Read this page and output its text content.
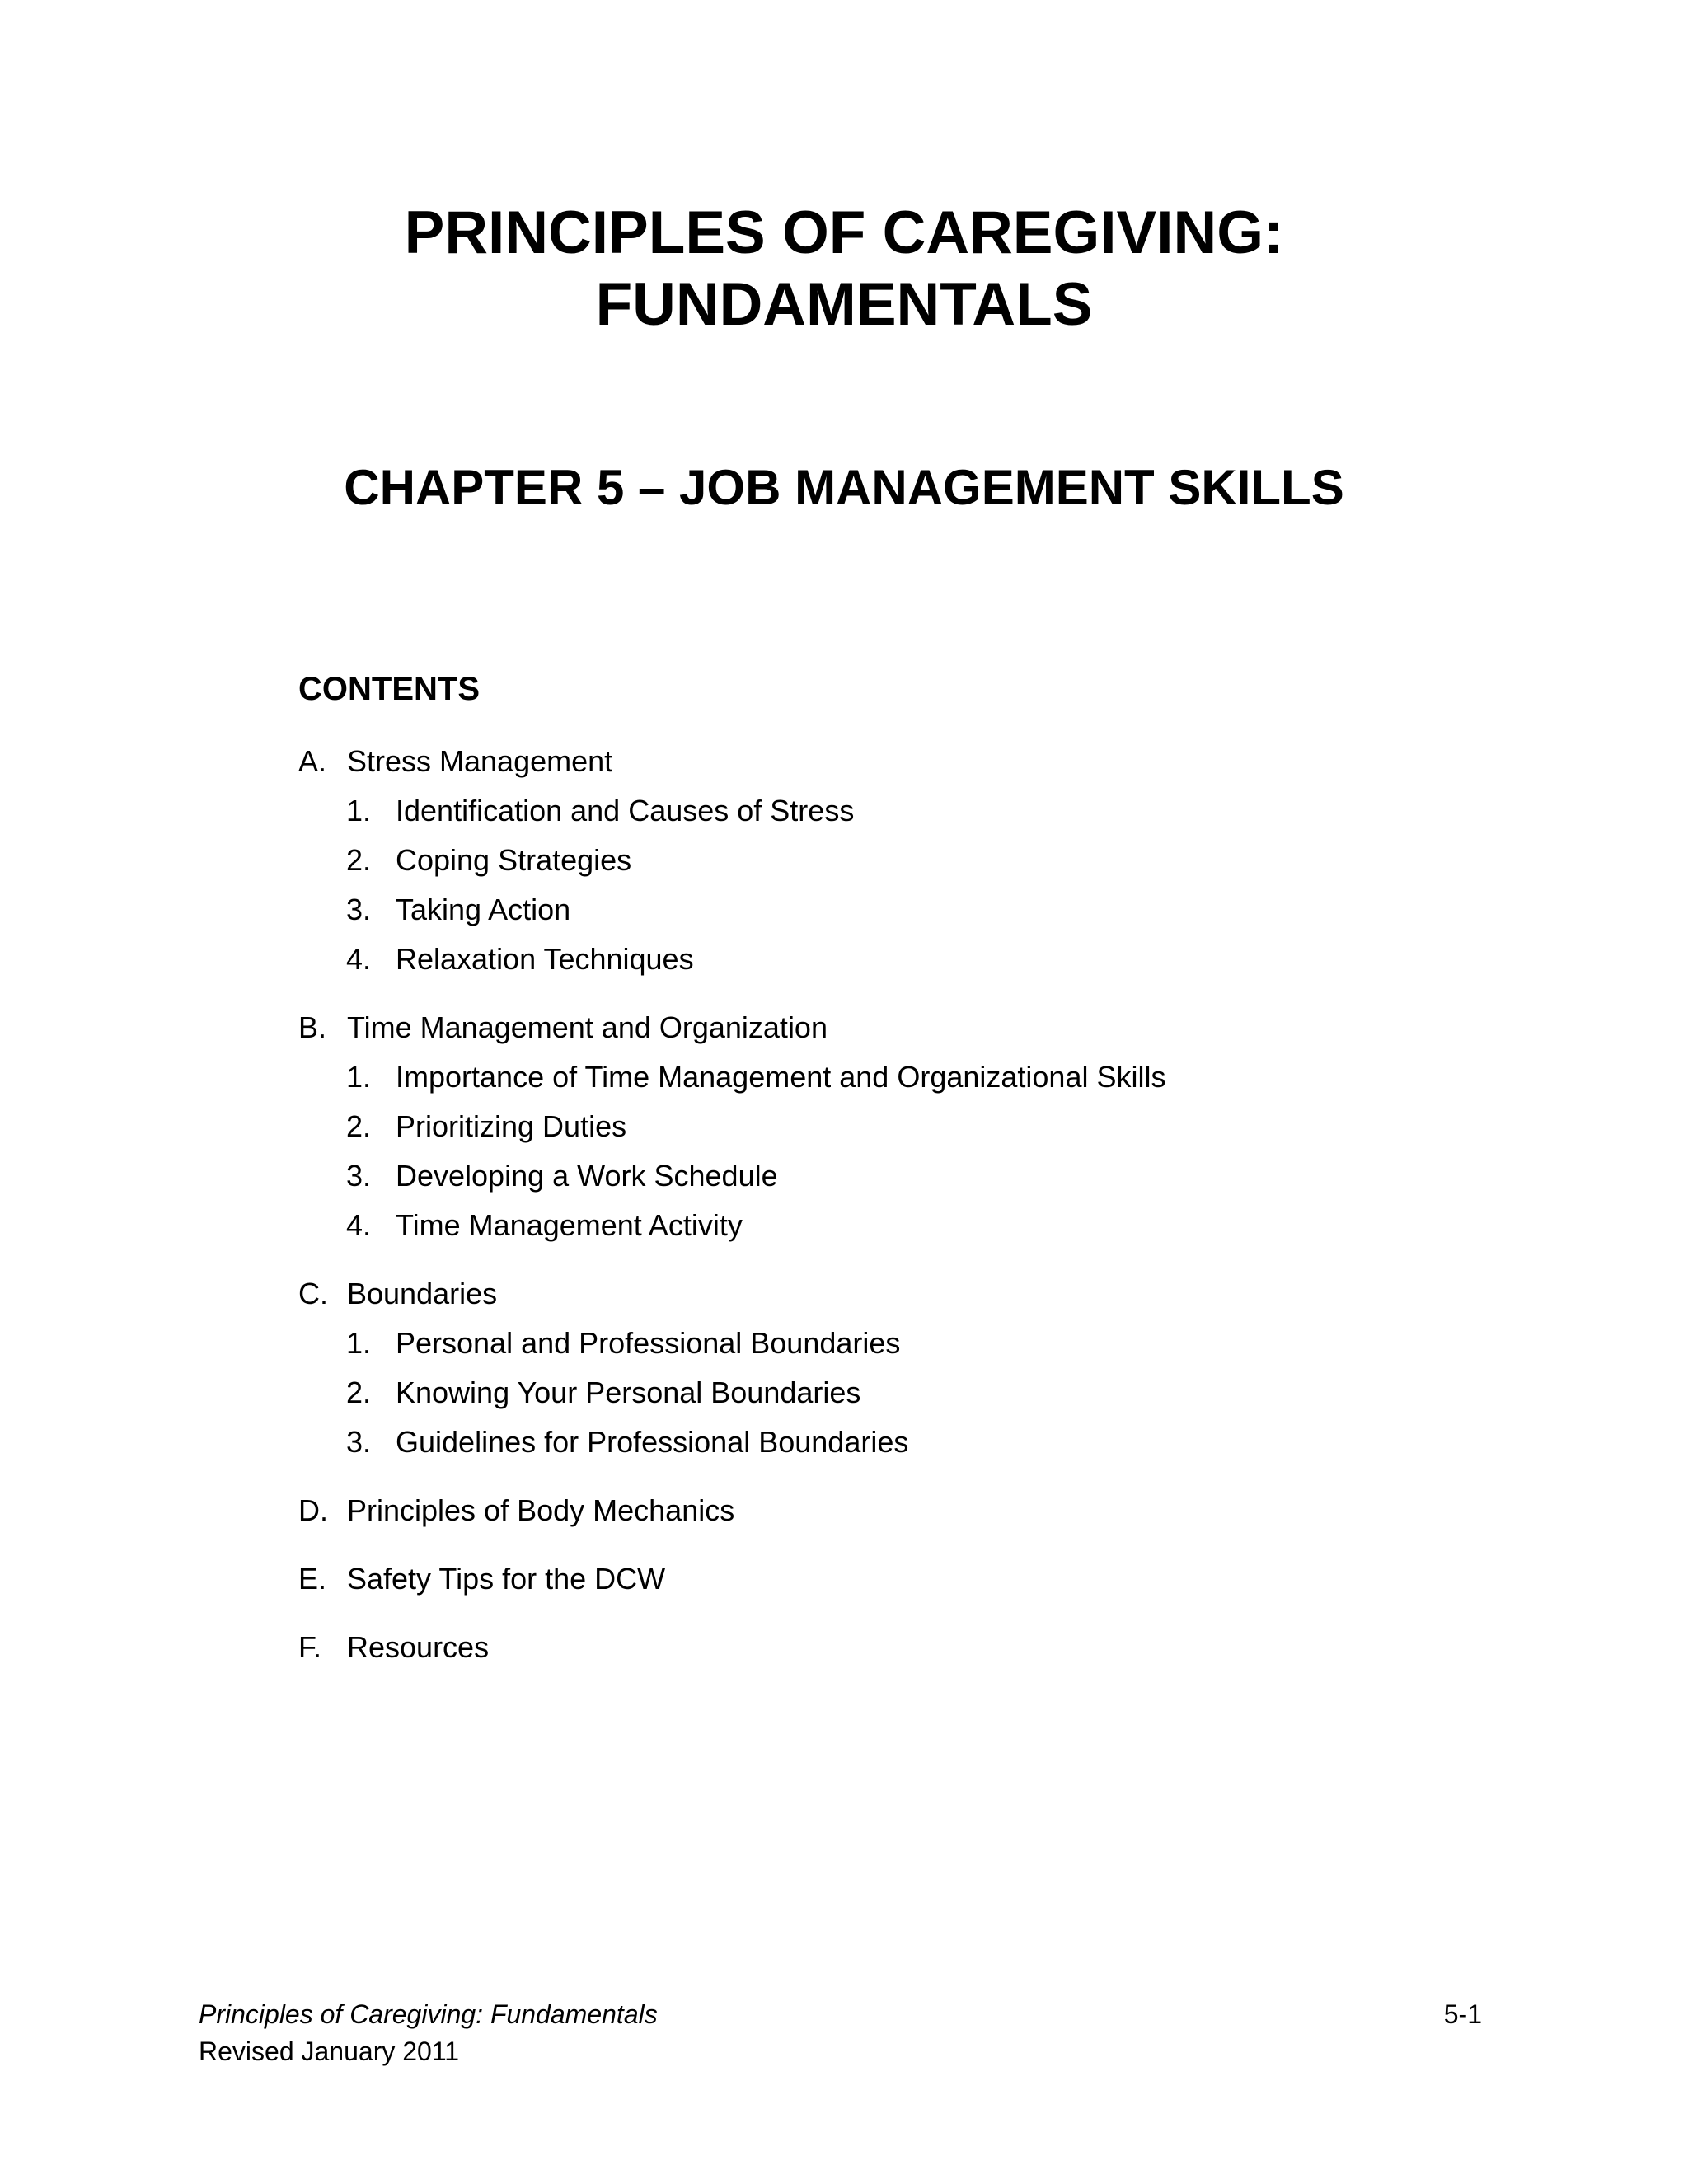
PRINCIPLES OF CAREGIVING:
FUNDAMENTALS
CHAPTER 5 – JOB MANAGEMENT SKILLS
CONTENTS
A. Stress Management
1. Identification and Causes of Stress
2. Coping Strategies
3. Taking Action
4. Relaxation Techniques
B. Time Management and Organization
1. Importance of Time Management and Organizational Skills
2. Prioritizing Duties
3. Developing a Work Schedule
4. Time Management Activity
C. Boundaries
1. Personal and Professional Boundaries
2. Knowing Your Personal Boundaries
3. Guidelines for Professional Boundaries
D. Principles of Body Mechanics
E. Safety Tips for the DCW
F. Resources
Principles of Caregiving: Fundamentals
Revised January 2011
5-1
